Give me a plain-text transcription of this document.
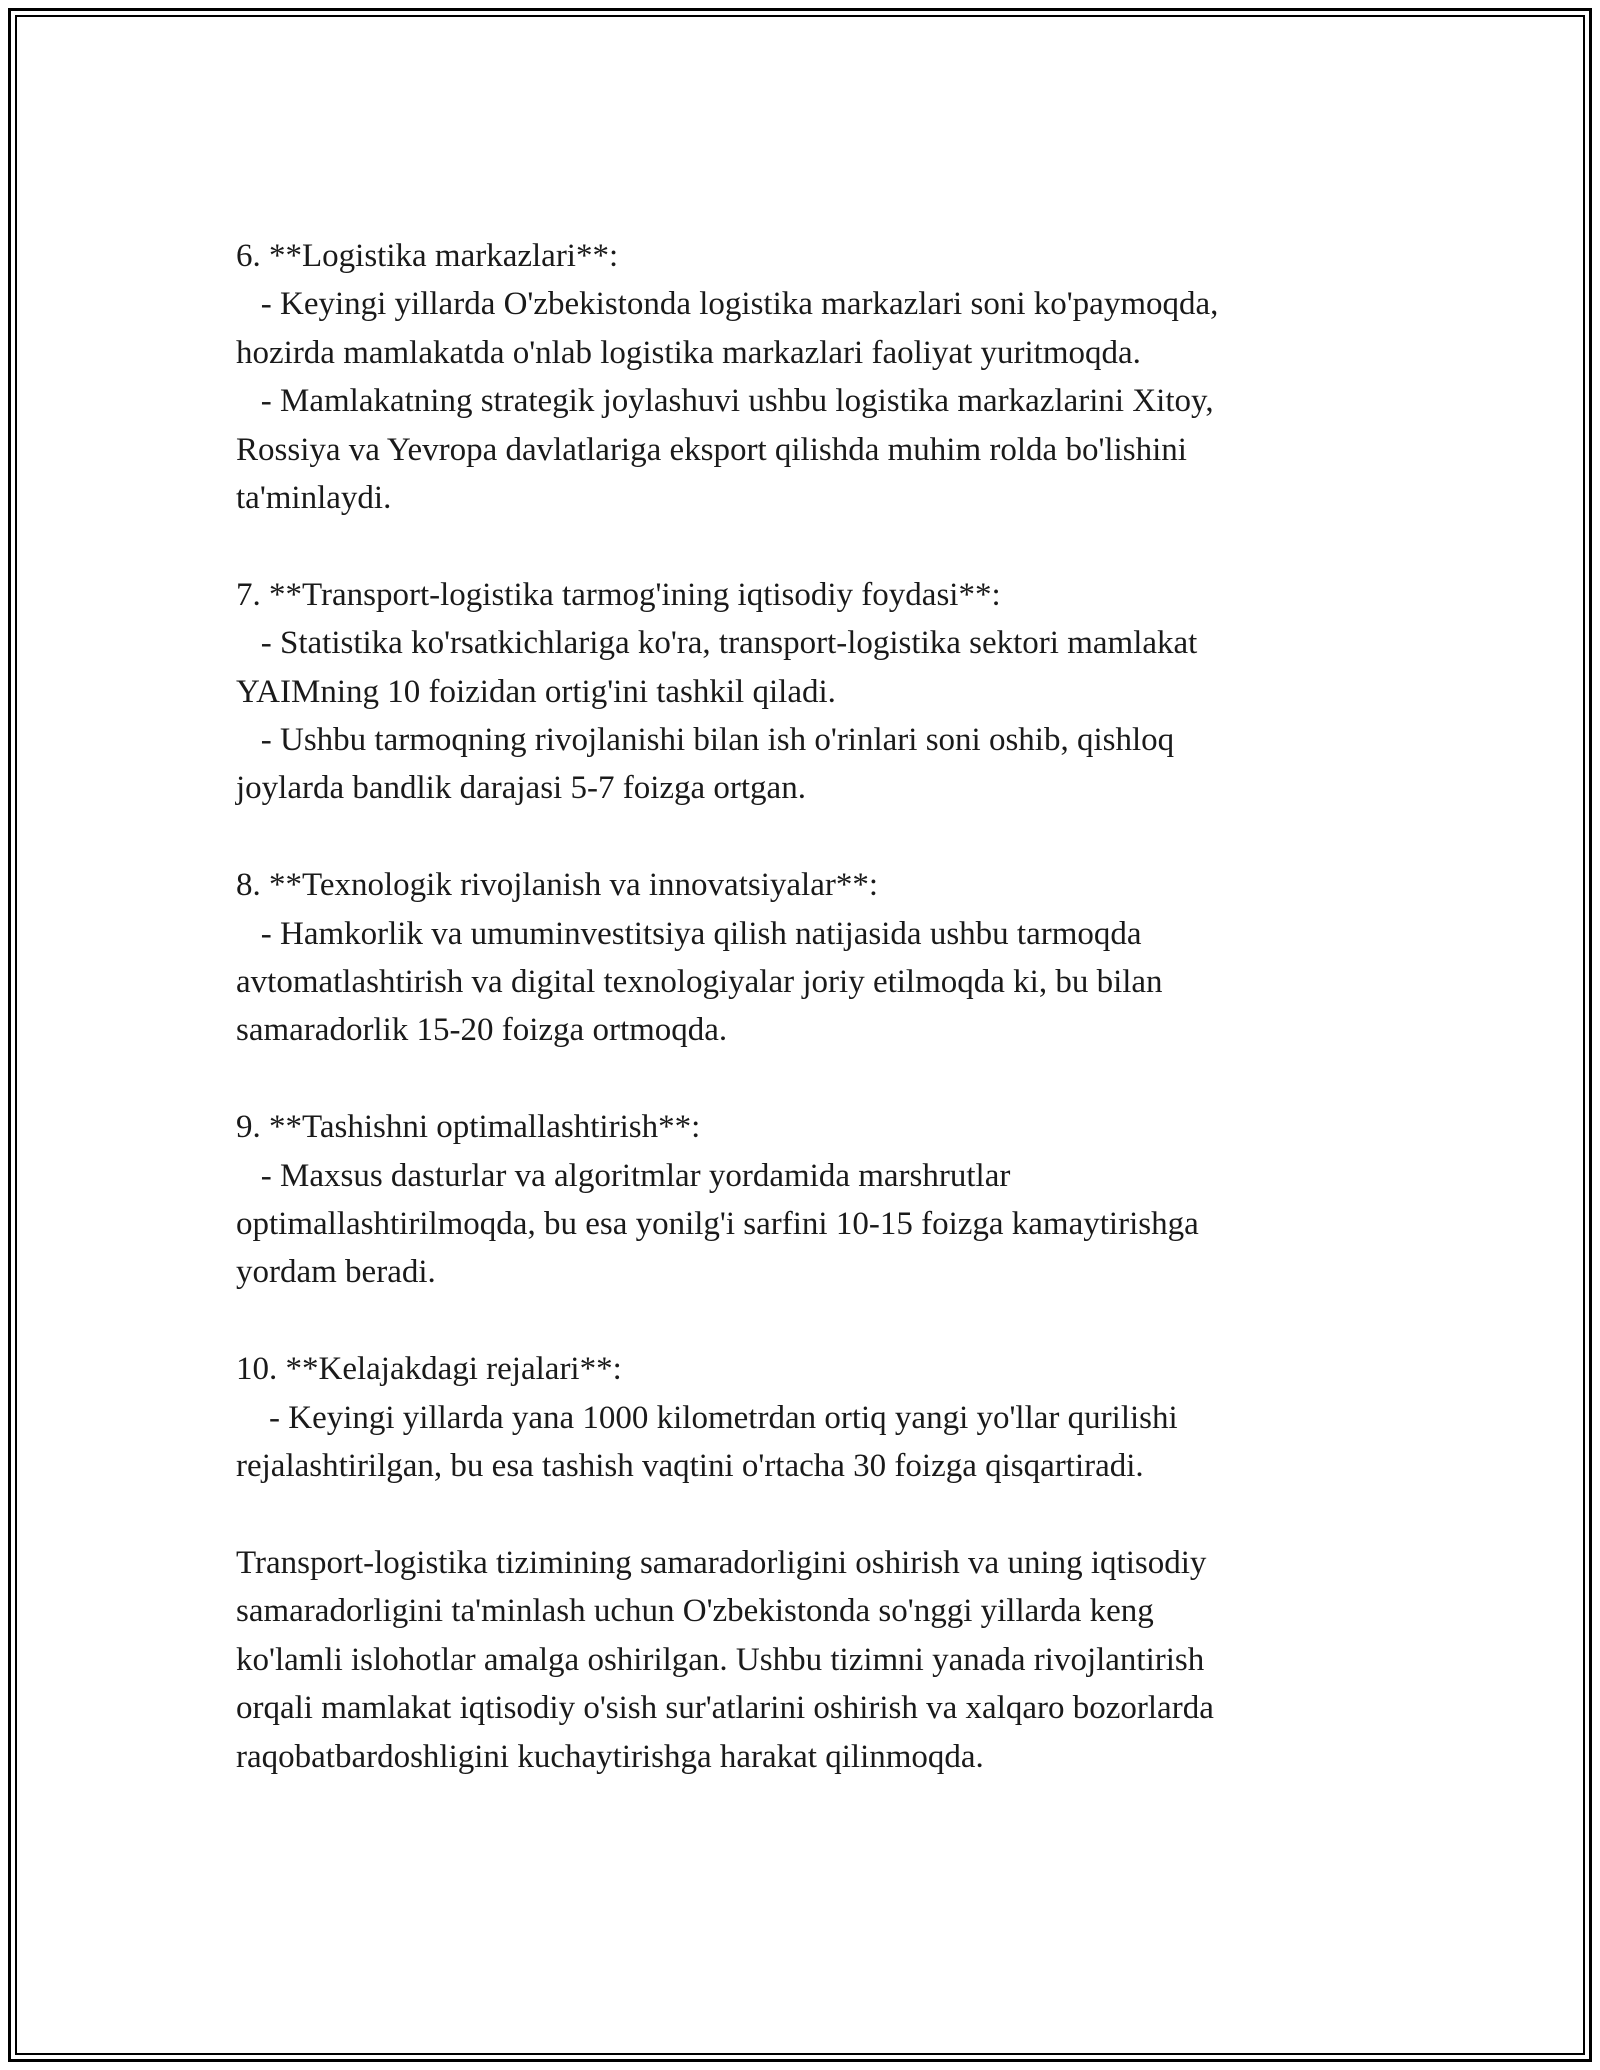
6. **Logistika markazlari**:
- Keyingi yillarda O'zbekistonda logistika markazlari soni ko'paymoqda,
hozirda mamlakatda o'nlab logistika markazlari faoliyat yuritmoqda.
- Mamlakatning strategik joylashuvi ushbu logistika markazlarini Xitoy,
Rossiya va Yevropa davlatlariga eksport qilishda muhim rolda bo'lishini
ta'minlaydi.
7. **Transport-logistika tarmog'ining iqtisodiy foydasi**:
- Statistika ko'rsatkichlariga ko'ra, transport-logistika sektori mamlakat
YAIMning 10 foizidan ortig'ini tashkil qiladi.
- Ushbu tarmoqning rivojlanishi bilan ish o'rinlari soni oshib, qishloq
joylarda bandlik darajasi 5-7 foizga ortgan.
8. **Texnologik rivojlanish va innovatsiyalar**:
- Hamkorlik va umuminvestitsiya qilish natijasida ushbu tarmoqda
avtomatlashtirish va digital texnologiyalar joriy etilmoqda ki, bu bilan
samaradorlik 15-20 foizga ortmoqda.
9. **Tashishni optimallashtirish**:
- Maxsus dasturlar va algoritmlar yordamida marshrutlar
optimallashtirilmoqda, bu esa yonilg'i sarfini 10-15 foizga kamaytirishga
yordam beradi.
10. **Kelajakdagi rejalari**:
- Keyingi yillarda yana 1000 kilometrdan ortiq yangi yo'llar qurilishi
rejalashtirilgan, bu esa tashish vaqtini o'rtacha 30 foizga qisqartiradi.
Transport-logistika tizimining samaradorligini oshirish va uning iqtisodiy
samaradorligini ta'minlash uchun O'zbekistonda so'nggi yillarda keng
ko'lamli islohotlar amalga oshirilgan. Ushbu tizimni yanada rivojlantirish
orqali mamlakat iqtisodiy o'sish sur'atlarini oshirish va xalqaro bozorlarda
raqobatbardoshligini kuchaytirishga harakat qilinmoqda.
